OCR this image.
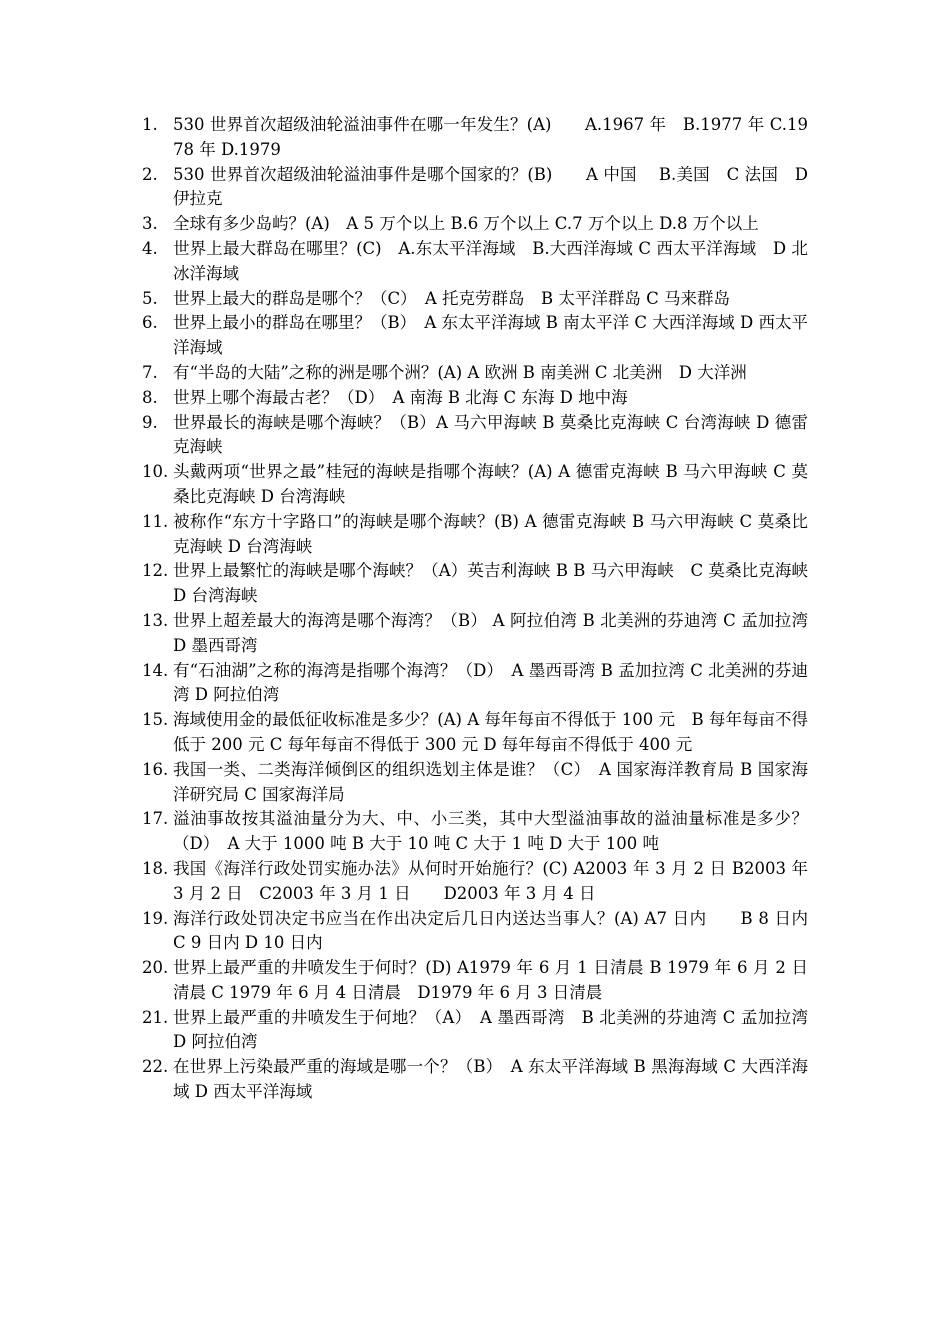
1. 530 世界首次超级油轮溢油事件在哪一年发生？(A)　　A.1967 年　B.1977 年 C.1978 年 D.1979
2. 530 世界首次超级油轮溢油事件是哪个国家的？(B)　　A 中国　 B.美国　C 法国　D 伊拉克
3. 全球有多少岛屿？(A)　A 5 万个以上 B.6 万个以上 C.7 万个以上 D.8 万个以上
4. 世界上最大群岛在哪里？(C)　A.东太平洋海域　B.大西洋海域 C 西太平洋海域　D 北冰洋海域
5. 世界上最大的群岛是哪个？（C）　A 托克劳群岛　B 太平洋群岛 C 马来群岛
6. 世界上最小的群岛在哪里？（B）　A 东太平洋海域 B 南太平洋 C 大西洋海域 D 西太平洋海域
7. 有“半岛的大陆”之称的洲是哪个洲？(A) A 欧洲 B 南美洲 C 北美洲　D 大洋洲
8. 世界上哪个海最古老？（D）　A 南海 B 北海 C 东海 D 地中海
9. 世界最长的海峡是哪个海峡？（B）A 马六甲海峡 B 莫桑比克海峡 C 台湾海峡 D 德雷克海峡
10. 头戴两项“世界之最”桂冠的海峡是指哪个海峡？(A) A 德雷克海峡 B 马六甲海峡 C 莫桑比克海峡 D 台湾海峡
11. 被称作“东方十字路口”的海峡是哪个海峡？(B) A 德雷克海峡 B 马六甲海峡 C 莫桑比克海峡 D 台湾海峡
12. 世界上最繁忙的海峡是哪个海峡？（A）英吉利海峡 B B 马六甲海峡　C 莫桑比克海峡 D 台湾海峡
13. 世界上超差最大的海湾是哪个海湾？（B） A 阿拉伯湾 B 北美洲的芬迪湾 C 孟加拉湾 D 墨西哥湾
14. 有“石油湖”之称的海湾是指哪个海湾？（D）　A 墨西哥湾 B 孟加拉湾 C 北美洲的芬迪湾 D 阿拉伯湾
15. 海域使用金的最低征收标准是多少？(A) A 每年每亩不得低于 100 元　B 每年每亩不得低于 200 元 C 每年每亩不得低于 300 元 D 每年每亩不得低于 400 元
16. 我国一类、二类海洋倾倒区的组织选划主体是谁？（C）　A 国家海洋教育局 B 国家海洋研究局 C 国家海洋局
17. 溢油事故按其溢油量分为大、中、小三类，其中大型溢油事故的溢油量标准是多少？　（D）　A 大于 1000 吨 B 大于 10 吨 C 大于 1 吨 D 大于 100 吨
18. 我国《海洋行政处罚实施办法》从何时开始施行？(C) A2003 年 3 月 2 日 B2003 年 3 月 2 日　C2003 年 3 月 1 日　　D2003 年 3 月 4 日
19. 海洋行政处罚决定书应当在作出决定后几日内送达当事人？(A) A7 日内　　B 8 日内　C 9 日内 D 10 日内
20. 世界上最严重的井喷发生于何时？(D) A1979 年 6 月 1 日清晨 B 1979 年 6 月 2 日清晨 C 1979 年 6 月 4 日清晨　D1979 年 6 月 3 日清晨
21. 世界上最严重的井喷发生于何地？（A）　A 墨西哥湾　B 北美洲的芬迪湾 C 孟加拉湾 D 阿拉伯湾
22. 在世界上污染最严重的海域是哪一个？（B）　A 东太平洋海域 B 黑海海域 C 大西洋海域 D 西太平洋海域
